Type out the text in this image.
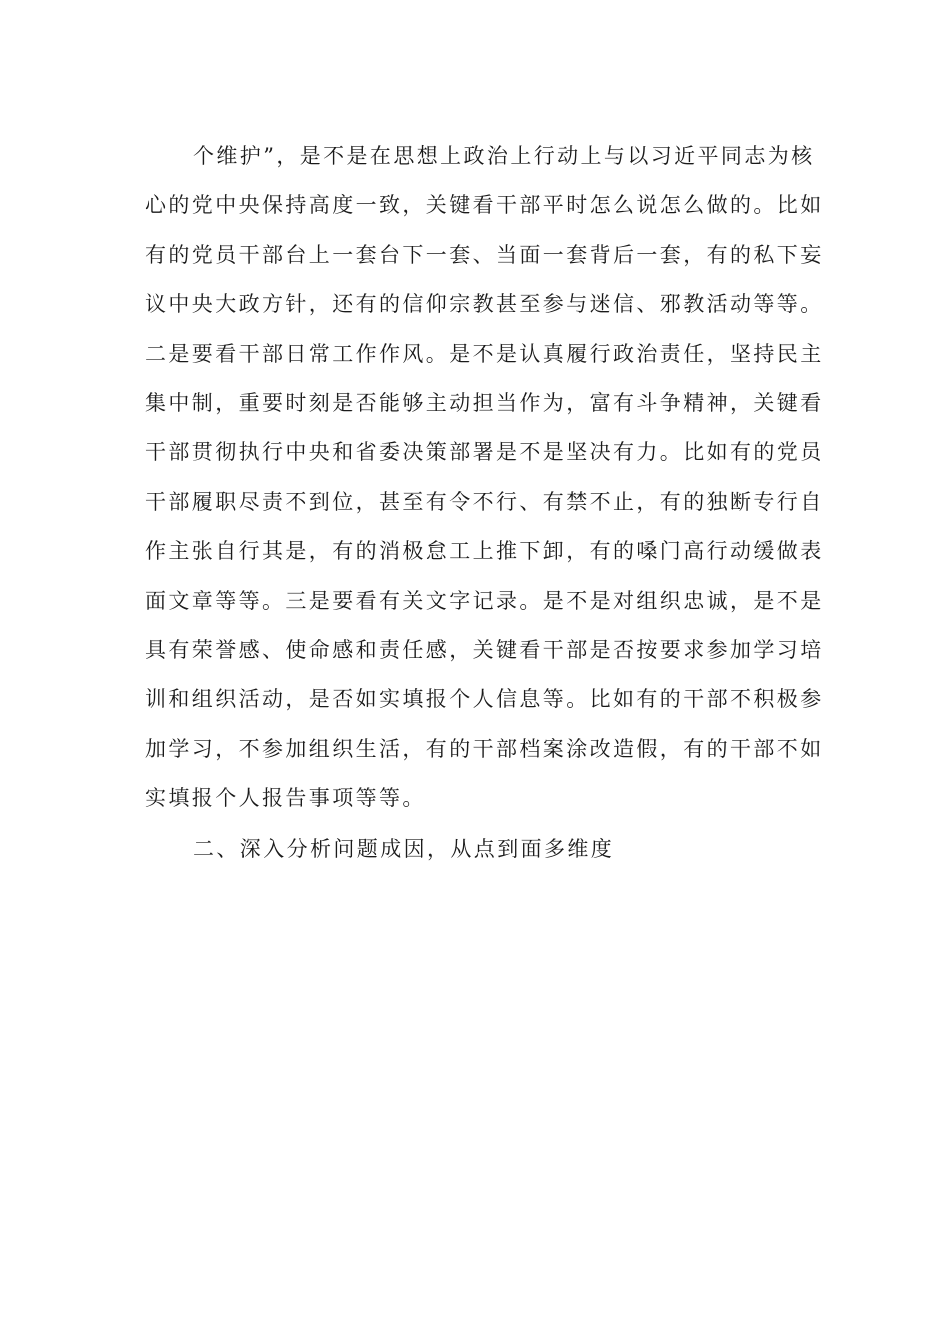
个维护”，是不是在思想上政治上行动上与以习近平同志为核
心的党中央保持高度一致，关键看干部平时怎么说怎么做的。比如
有的党员干部台上一套台下一套、当面一套背后一套，有的私下妄
议中央大政方针，还有的信仰宗教甚至参与迷信、邪教活动等等。
二是要看干部日常工作作风。是不是认真履行政治责任，坚持民主
集中制，重要时刻是否能够主动担当作为，富有斗争精神，关键看
干部贯彻执行中央和省委决策部署是不是坚决有力。比如有的党员
干部履职尽责不到位，甚至有令不行、有禁不止，有的独断专行自
作主张自行其是，有的消极怠工上推下卸，有的嗓门高行动缓做表
面文章等等。三是要看有关文字记录。是不是对组织忠诚，是不是
具有荣誉感、使命感和责任感，关键看干部是否按要求参加学习培
训和组织活动，是否如实填报个人信息等。比如有的干部不积极参
加学习，不参加组织生活，有的干部档案涂改造假，有的干部不如
实填报个人报告事项等等。
二、深入分析问题成因，从点到面多维度
